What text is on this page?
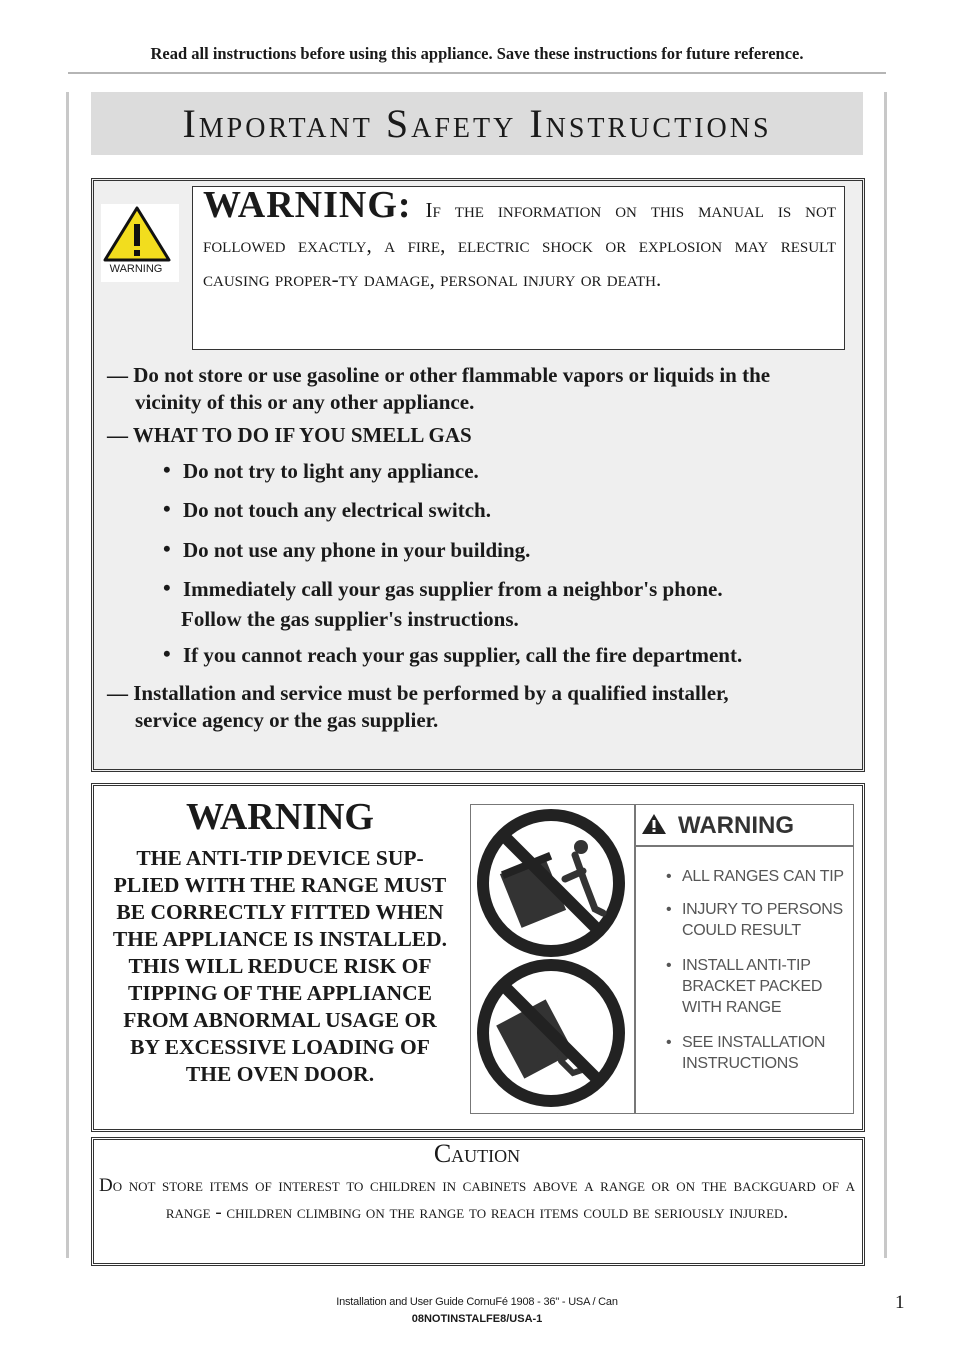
Read all instructions before using this appliance. Save these instructions for future reference.
Important Safety Instructions
WARNING
WARNING: If the information on this manual is not followed exactly, a fire, electric shock or explosion may result causing proper-ty damage, personal injury or death.
— Do not store or use gasoline or other flammable vapors or liquids in the
vicinity of this or any other appliance.
— WHAT TO DO IF YOU SMELL GAS
• Do not try to light any appliance.
• Do not touch any electrical switch.
• Do not use any phone in your building.
• Immediately call your gas supplier from a neighbor's phone.
Follow the gas supplier's instructions.
• If you cannot reach your gas supplier, call the fire department.
— Installation and service must be performed by a qualified installer,
service agency or the gas supplier.
WARNING
THE ANTI-TIP DEVICE SUP-
PLIED WITH THE RANGE MUST
BE CORRECTLY FITTED WHEN
THE APPLIANCE IS INSTALLED.
THIS WILL REDUCE RISK OF
TIPPING OF THE APPLIANCE
FROM ABNORMAL USAGE OR
BY EXCESSIVE LOADING OF
THE OVEN DOOR.
WARNING
• ALL RANGES CAN TIP
• INJURY TO PERSONS
COULD RESULT
• INSTALL ANTI-TIP
BRACKET PACKED
WITH RANGE
• SEE INSTALLATION
INSTRUCTIONS
Caution
Do not store items of interest to children in cabinets above a range or on the backguard of a range - children climbing on the range to reach items could be seriously injured.
Installation and User Guide CornuFé 1908 - 36" - USA / Can
08NOTINSTALFE8/USA-1
1
